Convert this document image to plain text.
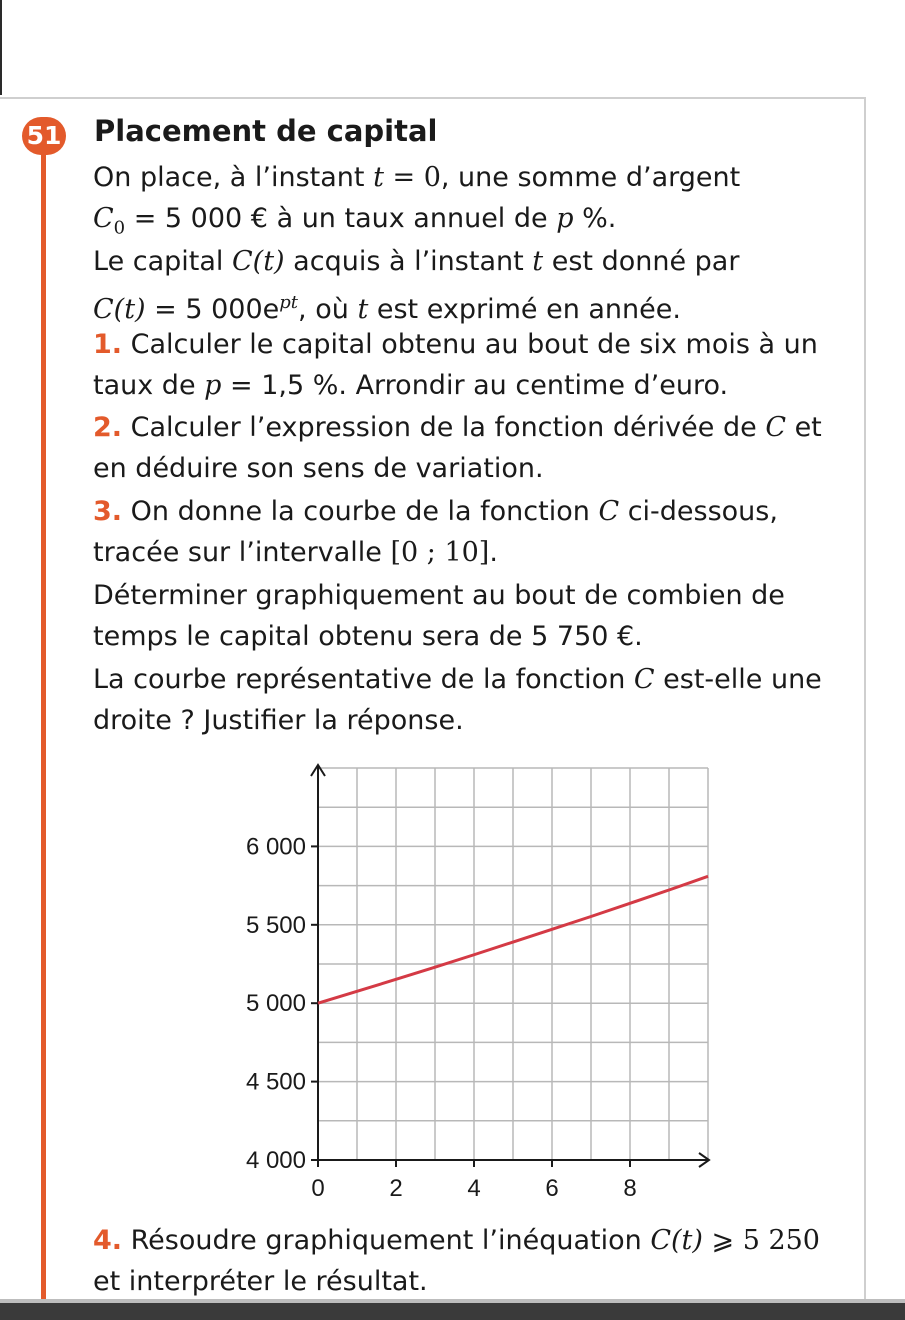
51 Placement de capital
On place, à l’instant t = 0, une somme d’argent
$C_0 = 5$ 000 € à un taux annuel de p %.
Le capital C(t) acquis à l’instant t est donné par
C(t) = 5 $000e^{pt}$, où t est exprimé en année.
1. Calculer le capital obtenu au bout de six mois à un
taux de p = 1,5 %. Arrondir au centime d’euro.
2. Calculer l’expression de la fonction dérivée de C et
en déduire son sens de variation.
3. On donne la courbe de la fonction C ci-dessous,
tracée sur l’intervalle [0 ; 10].
Déterminer graphiquement au bout de combien de
temps le capital obtenu sera de 5 750 €.
La courbe représentative de la fonction C est-elle une
droite ? Justifier la réponse.
4 000
4 500
5 000
5 500
6 000
0	2	4	6	8
4. Résoudre graphiquement l’inéquation C(t) ⩾ 5 250
et interpréter le résultat.
